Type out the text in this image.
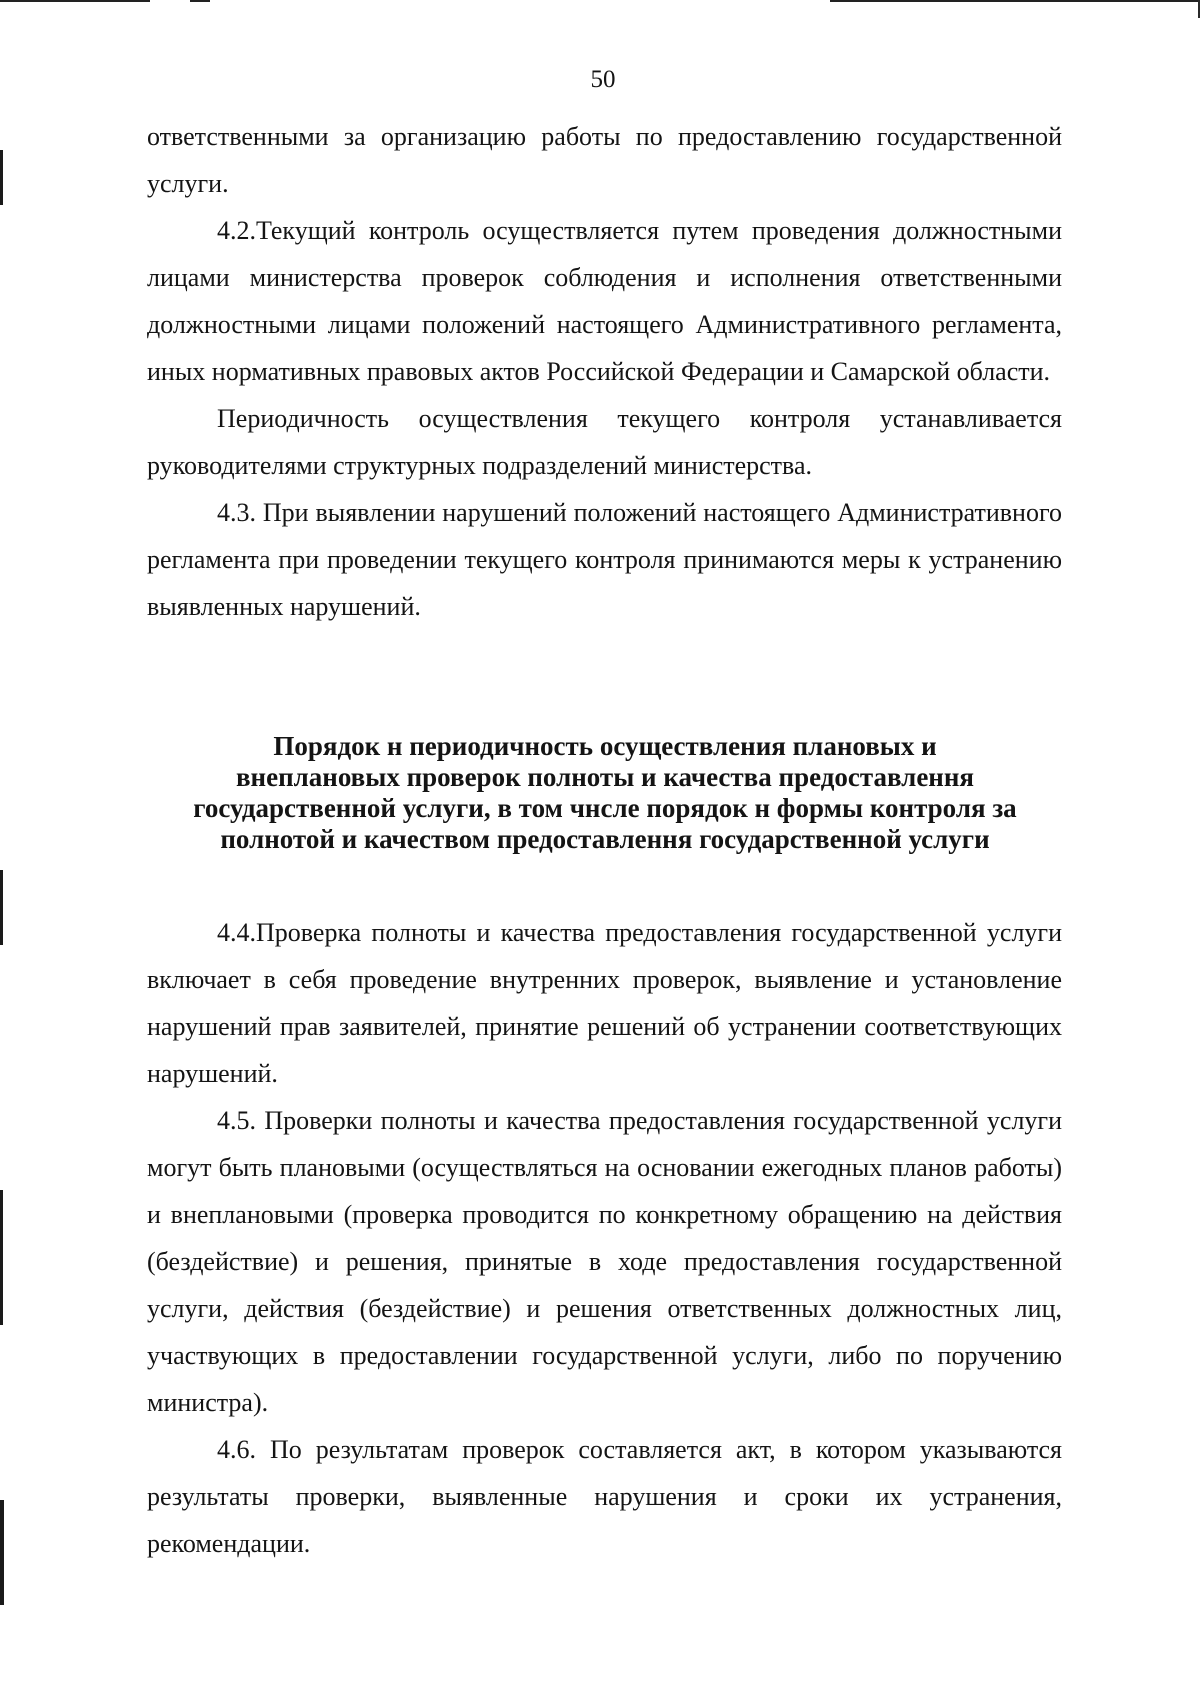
50

ответственными за организацию работы по предоставлению государственной услуги.

4.2.Текущий контроль осуществляется путем проведения должностными лицами министерства проверок соблюдения и исполнения ответственными должностными лицами положений настоящего Административного регламента, иных нормативных правовых актов Российской Федерации и Самарской области.

Периодичность осуществления текущего контроля устанавливается руководителями структурных подразделений министерства.

4.3. При выявлении нарушений положений настоящего Административного регламента при проведении текущего контроля принимаются меры к устранению выявленных нарушений.

Порядок н периодичность осуществления плановых и
внеплановых проверок полноты и качества предоставлення
государственной услуги, в том чнсле порядок н формы контроля за
полнотой и качеством предоставлення государственной услуги

4.4.Проверка полноты и качества предоставления государственной услуги включает в себя проведение внутренних проверок, выявление и установление нарушений прав заявителей, принятие решений об устранении соответствующих нарушений.

4.5. Проверки полноты и качества предоставления государственной услуги могут быть плановыми (осуществляться на основании ежегодных планов работы) и внеплановыми (проверка проводится по конкретному обращению на действия (бездействие) и решения, принятые в ходе предоставления государственной услуги, действия (бездействие) и решения ответственных должностных лиц, участвующих в предоставлении государственной услуги, либо по поручению министра).

4.6. По результатам проверок составляется акт, в котором указываются результаты проверки, выявленные нарушения и сроки их устранения, рекомендации.
